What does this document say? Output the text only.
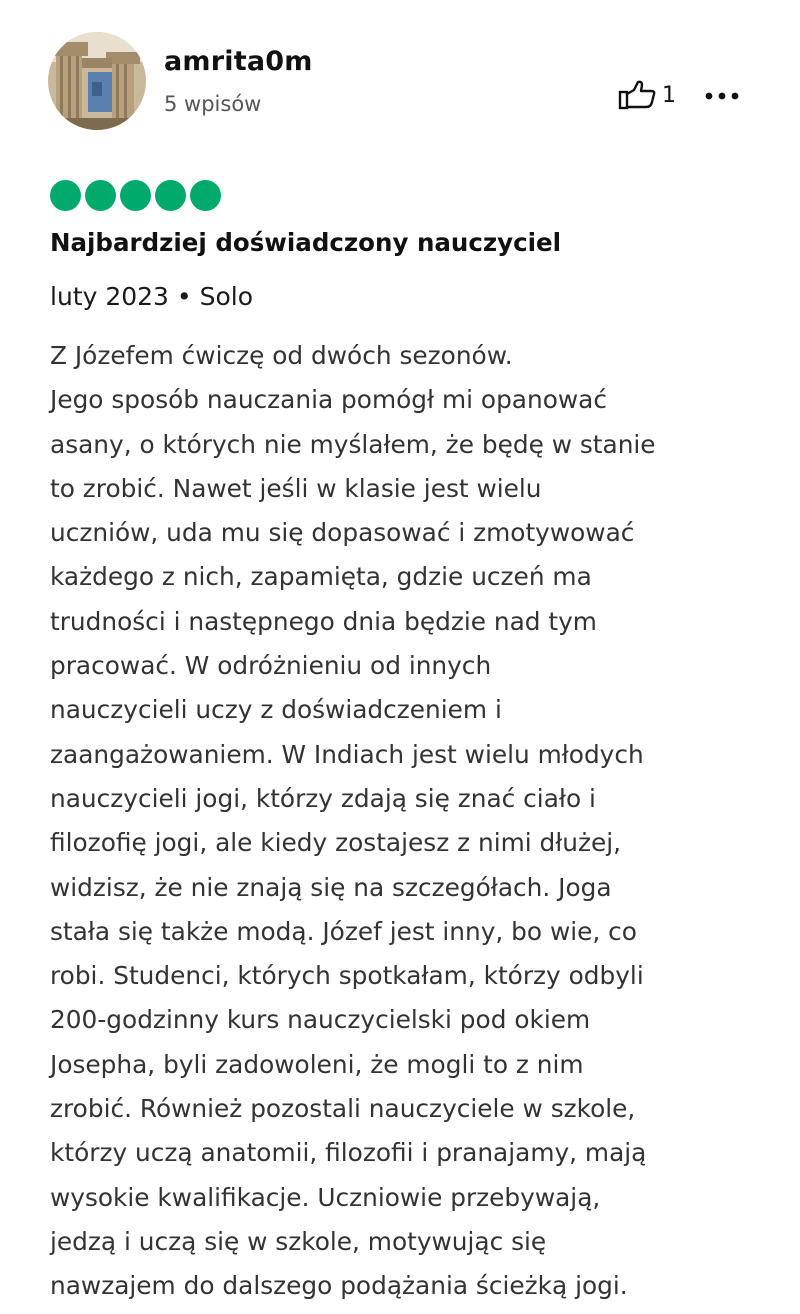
amrita0m
5 wpisów	1
Najbardziej doświadczony nauczyciel
luty 2023 • Solo
Z Józefem ćwiczę od dwóch sezonów.
Jego sposób nauczania pomógł mi opanować
asany, o których nie myślałem, że będę w stanie
to zrobić. Nawet jeśli w klasie jest wielu
uczniów, uda mu się dopasować i zmotywować
każdego z nich, zapamięta, gdzie uczeń ma
trudności i następnego dnia będzie nad tym
pracować. W odróżnieniu od innych
nauczycieli uczy z doświadczeniem i
zaangażowaniem. W Indiach jest wielu młodych
nauczycieli jogi, którzy zdają się znać ciało i
filozofię jogi, ale kiedy zostajesz z nimi dłużej,
widzisz, że nie znają się na szczegółach. Joga
stała się także modą. Józef jest inny, bo wie, co
robi. Studenci, których spotkałam, którzy odbyli
200-godzinny kurs nauczycielski pod okiem
Josepha, byli zadowoleni, że mogli to z nim
zrobić. Również pozostali nauczyciele w szkole,
którzy uczą anatomii, filozofii i pranajamy, mają
wysokie kwalifikacje. Uczniowie przebywają,
jedzą i uczą się w szkole, motywując się
nawzajem do dalszego podążania ścieżką jogi.
